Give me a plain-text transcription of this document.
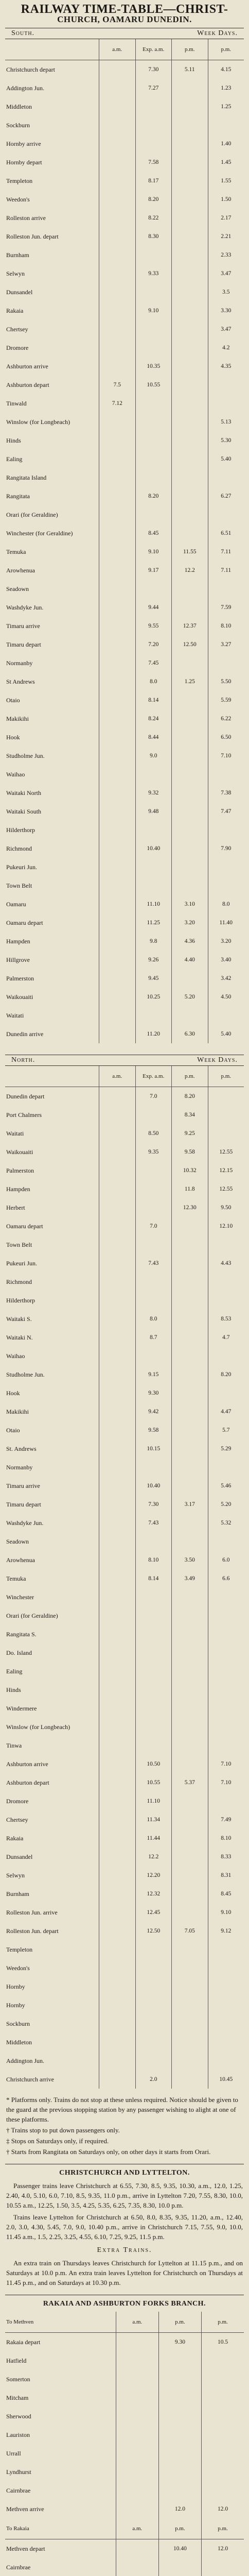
RAILWAY TIME-TABLE—CHRIST-
CHURCH, OAMARU DUNEDIN.
South.	Week Days.
	a.m.	Exp. a.m.	p.m.	p.m.
Christchurch depart		7.30	5.11	4.15
Addington Jun.		7.27		1.23
Middleton				1.25
Sockburn				
Hornby arrive				1.40
Hornby depart		7.58		1.45
Templeton		8.17		1.55
Weedon's		8.20		1.50
Rolleston arrive		8.22		2.17
Rolleston Jun. depart		8.30		2.21
Burnham				2.33
Selwyn		9.33		3.47
Dunsandel				3.5
Rakaia		9.10		3.30
Chertsey				3.47
Dromore				4.2
Ashburton arrive		10.35		4.35
Ashburton depart	7.5	10.55		
Tinwald	7.12			
Winslow (for Longbeach)				5.13
Hinds				5.30
Ealing				5.40
Rangitata Island				
Rangitata		8.20		6.27
Orari (for Geraldine)				
Winchester (for Geraldine)		8.45		6.51
Temuka		9.10	11.55	7.11
Arowhenua		9.17	12.2	7.11
Seadown				
Washdyke Jun.		9.44		7.59
Timaru arrive		9.55	12.37	8.10
Timaru depart		7.20	12.50	3.27
Normanby		7.45		
St Andrews		8.0	1.25	5.50
Otaio		8.14		5.59
Makikihi		8.24		6.22
Hook		8.44		6.50
Studholme Jun.		9.0		7.10
Waihao				
Waitaki North		9.32		7.38
Waitaki South		9.48		7.47
Hilderthorp				
Richmond		10.40		7.90
Pukeuri Jun.				
Town Belt				
Oamaru		11.10	3.10	8.0
Oamaru depart		11.25	3.20	11.40
Hampden		9.8	4.36	3.20
Hillgrove		9.26	4.40	3.40
Palmerston		9.45		3.42
Waikouaiti		10.25	5.20	4.50
Waitati				
Dunedin arrive		11.20	6.30	5.40
North.	Week Days.
	a.m.	Exp. a.m.	p.m.	p.m.
Dunedin depart		7.0	8.20	
Port Chalmers			8.34	
Waitati		8.50	9.25	
Waikouaiti		9.35	9.58	12.55
Palmerston			10.32	12.15
Hampden			11.8	12.55
Herbert			12.30	9.50
Oamaru depart		7.0		12.10
Town Belt				
Pukeuri Jun.		7.43		4.43
Richmond				
Hilderthorp				
Waitaki S.		8.0		8.53
Waitaki N.		8.7		4.7
Waihao				
Studholme Jun.		9.15		8.20
Hook		9.30		
Makikihi		9.42		4.47
Otaio		9.58		5.7
St. Andrews		10.15		5.29
Normanby				
Timaru arrive		10.40		5.46
Timaru depart		7.30	3.17	5.20
Washdyke Jun.		7.43		5.32
Seadown				
Arowhenua		8.10	3.50	6.0
Temuka		8.14	3.49	6.6
Winchester				
Orari (for Geraldine)				
Rangitata S.				
Do. Island				
Ealing				
Hinds				
Windermere				
Winslow (for Longbeach)				
Tinwa				
Ashburton arrive		10.50		7.10
Ashburton depart		10.55	5.37	7.10
Dromore		11.10		
Chertsey		11.34		7.49
Rakaia		11.44		8.10
Dunsandel		12.2		8.33
Selwyn		12.20		8.31
Burnham		12.32		8.45
Rolleston Jun. arrive		12.45		9.10
Rolleston Jun. depart		12.50	7.05	9.12
Templeton				
Weedon's				
Hornby				
Hornby				
Sockburn				
Middleton				
Addington Jun.				
Christchurch arrive		2.0		10.45
* Platforms only. Trains do not stop at these unless required. Notice should be given to the guard at the previous stopping station by any passenger wishing to alight at one of these platforms.
† Trains stop to put down passengers only.
‡ Stops on Saturdays only, if required.
† Starts from Rangitata on Saturdays only, on other days it starts from Orari.
CHRISTCHURCH AND LYTTELTON.
Passenger trains leave Christchurch at 6.55, 7.30, 8.5, 9.35, 10.30, a.m., 12.0, 1.25, 2.40, 4.0, 5.10, 6.0, 7.10, 8.5, 9.35, 11.0 p.m., arrive in Lyttelton 7.20, 7.55, 8.30, 10.0, 10.55 a.m., 12.25, 1.50, 3.5, 4.25, 5.35, 6.25, 7.35, 8.30, 10.0 p.m.
Trains leave Lyttelton for Christchurch at 6.50, 8.0, 8.35, 9.35, 11.20, a.m., 12.40, 2.0, 3.0, 4.30, 5.45, 7.0, 9.0, 10.40 p.m., arrive in Christchurch 7.15, 7.55, 9.0, 10.0, 11.45 a.m., 1.5, 2.25, 3.25, 4.55, 6.10, 7.25, 9.25, 11.5 p.m.
Extra Trains.
An extra train on Thursdays leaves Christchurch for Lyttelton at 11.15 p.m., and on Saturdays at 10.0 p.m. An extra train leaves Lyttelton for Christchurch on Thursdays at 11.45 p.m., and on Saturdays at 10.30 p.m.
RAKAIA AND ASHBURTON FORKS BRANCH.
To Methven	a.m.	p.m.	p.m.
Rakaia depart		9.30	10.5
Hatfield			
Somerton			
Mitcham			
Sherwood			
Lauriston			
Urrall			
Lyndhurst			
Cairnbrae			
Methven arrive		12.0	12.0
To Rakaia	a.m.	p.m.	p.m.
Methven depart		10.40	12.0
Cairnbrae			
